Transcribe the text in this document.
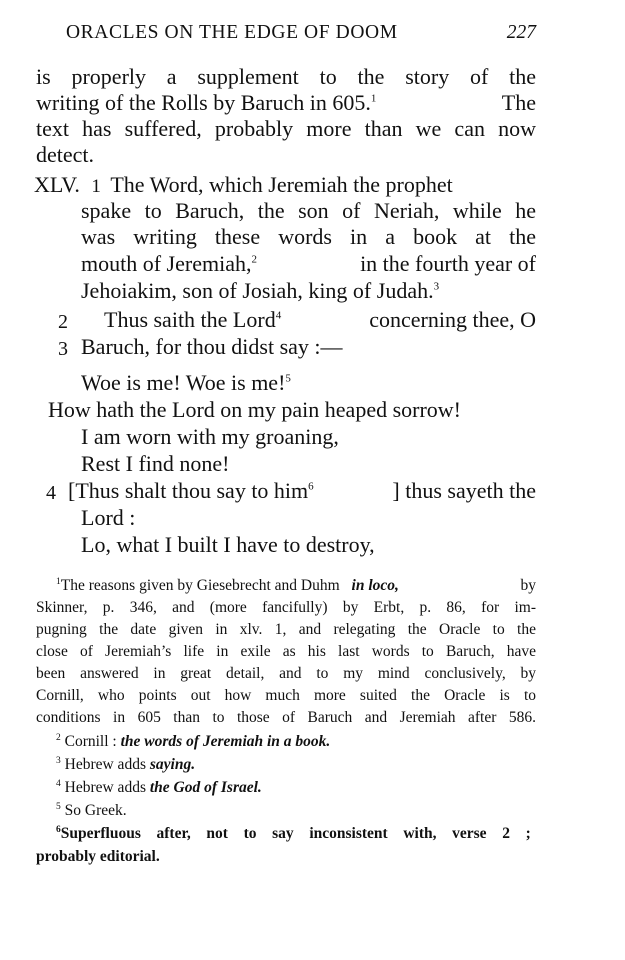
ORACLES ON THE EDGE OF DOOM	227
is properly a supplement to the story of the
writing of the Rolls by Baruch in 605.$^1$	The
text has suffered, probably more than we can now
detect.
XLV. 1 The Word, which Jeremiah the prophet
spake to Baruch, the son of Neriah, while he
was writing these words in a book at the
mouth of Jeremiah,$^2$	in the fourth year of
Jehoiakim, son of Josiah, king of Judah.$^3$
2 Thus saith the Lord$^4$	concerning thee, O
3 Baruch, for thou didst say :—
Woe is me! Woe is me!$^5$
How hath the Lord on my pain heaped sorrow!
I am worn with my groaning,
Rest I find none!
4 [Thus shalt thou say to him$^6$	] thus sayeth the
Lord :
Lo, what I built I have to destroy,
$^1$The reasons given by Giesebrecht and Duhm in loco,	by
Skinner, p. 346, and (more fancifully) by Erbt, p. 86, for im-
pugning the date given in xlv. 1, and relegating the Oracle to the
close of Jeremiah’s life in exile as his last words to Baruch, have
been answered in great detail, and to my mind conclusively, by
Cornill, who points out how much more suited the Oracle is to
conditions in 605 than to those of Baruch and Jeremiah after 586.
$^2$ Cornill : the words of Jeremiah in a book.
$^3$ Hebrew adds saying.
$^4$ Hebrew adds the God of Israel.
$^5$ So Greek.
$^6$Superfluous after, not to say inconsistent with, verse 2 ;
probably editorial.
